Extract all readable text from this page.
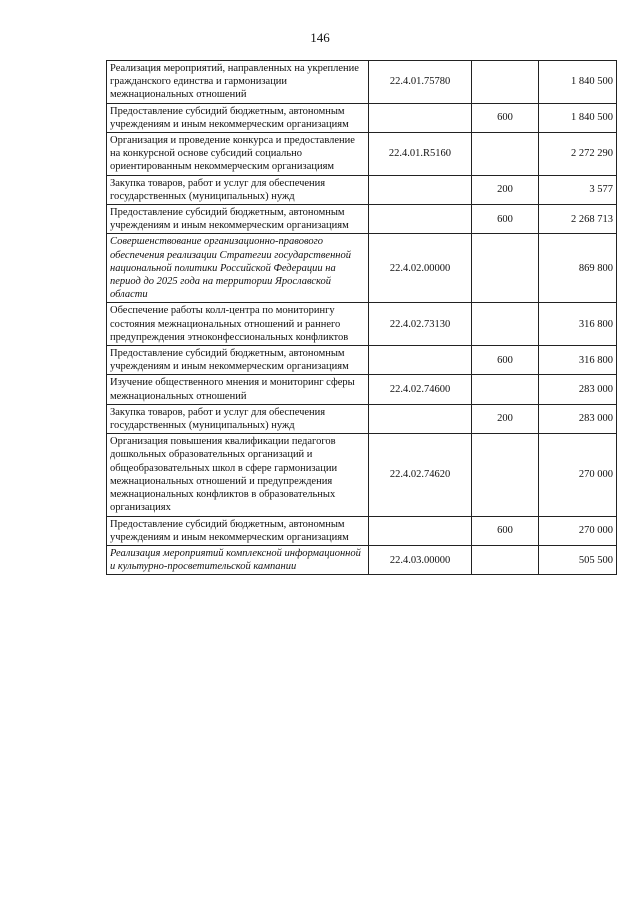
146
Реализация мероприятий, направленных на укрепление гражданского единства и гармонизации межнациональных отношений	22.4.01.75780		1 840 500
Предоставление субсидий бюджетным, автономным учреждениям и иным некоммерческим организациям		600	1 840 500
Организация и проведение конкурса и предоставление на конкурсной основе субсидий социально ориентированным некоммерческим организациям	22.4.01.R5160		2 272 290
Закупка товаров, работ и услуг для обеспечения государственных (муниципальных) нужд		200	3 577
Предоставление субсидий бюджетным, автономным учреждениям и иным некоммерческим организациям		600	2 268 713
Совершенствование организационно-правового обеспечения реализации Стратегии государственной национальной политики Российской Федерации на период до 2025 года на территории Ярославской области	22.4.02.00000		869 800
Обеспечение работы колл-центра по мониторингу состояния межнациональных отношений и раннего предупреждения этноконфессиональных конфликтов	22.4.02.73130		316 800
Предоставление субсидий бюджетным, автономным учреждениям и иным некоммерческим организациям		600	316 800
Изучение общественного мнения и мониторинг сферы межнациональных отношений	22.4.02.74600		283 000
Закупка товаров, работ и услуг для обеспечения государственных (муниципальных) нужд		200	283 000
Организация повышения квалификации педагогов дошкольных образовательных организаций и общеобразовательных школ в сфере гармонизации межнациональных отношений и предупреждения межнациональных конфликтов в образовательных организациях	22.4.02.74620		270 000
Предоставление субсидий бюджетным, автономным учреждениям и иным некоммерческим организациям		600	270 000
Реализация мероприятий комплексной информационной и культурно-просветительской кампании	22.4.03.00000		505 500
